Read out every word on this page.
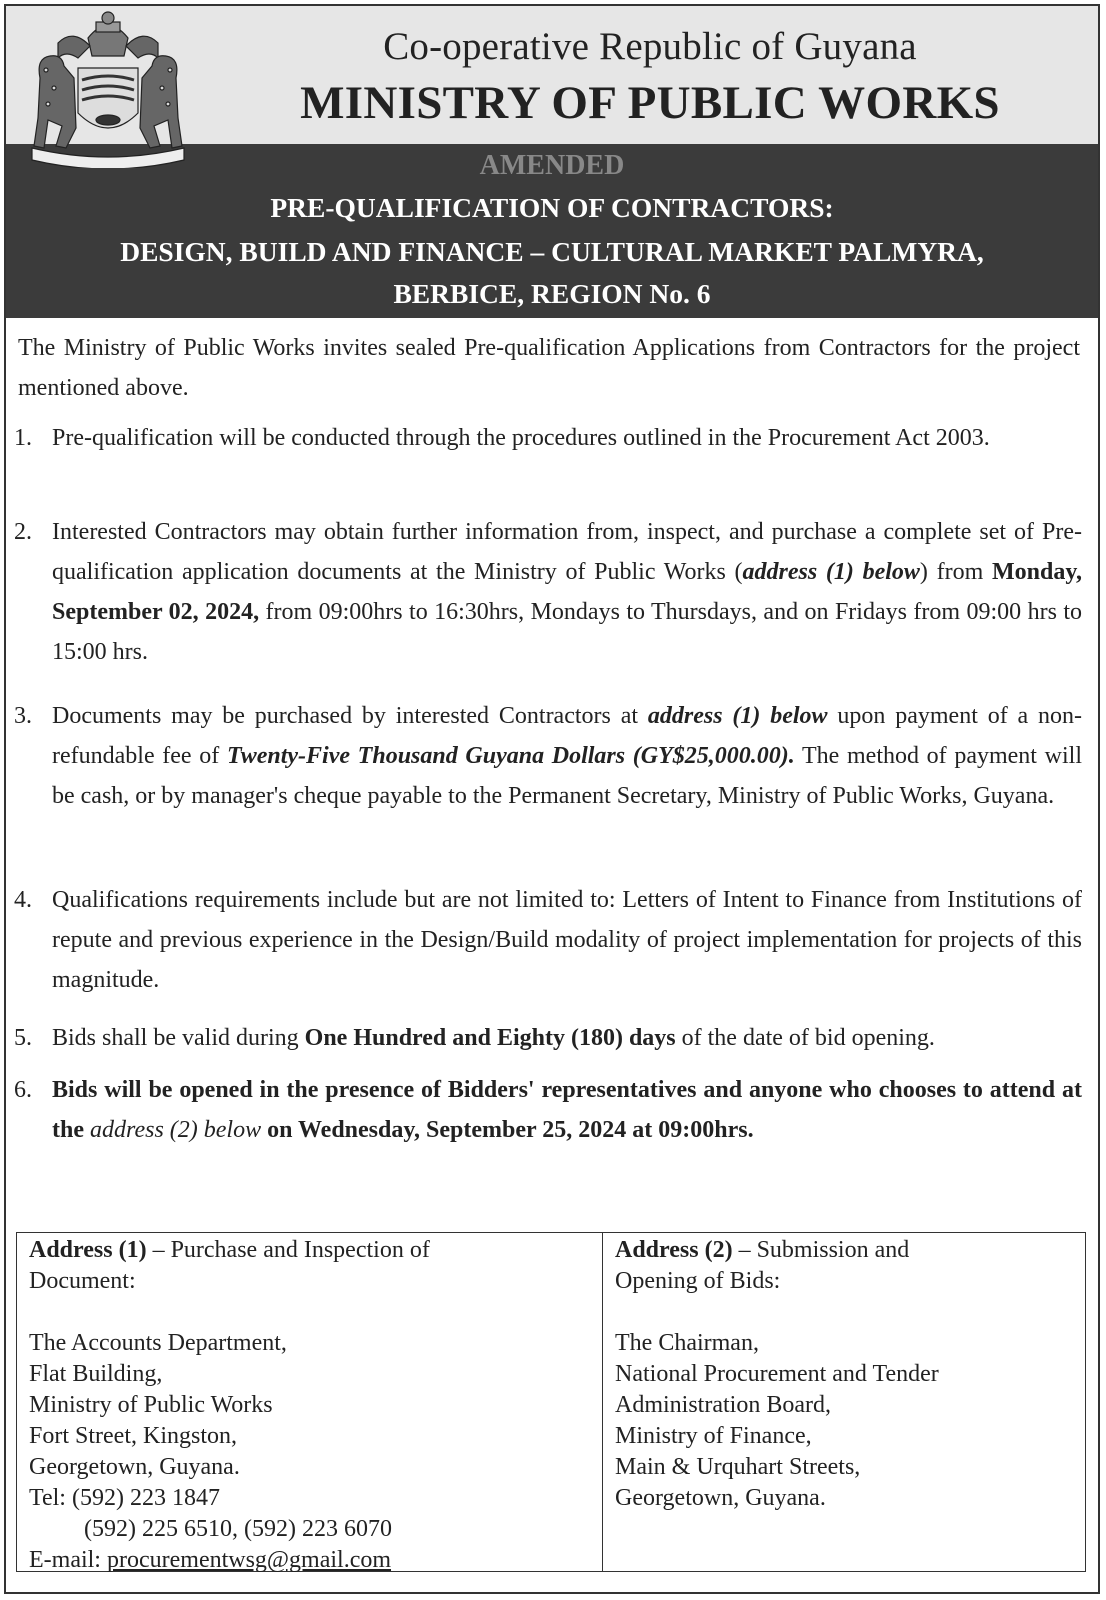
Co-operative Republic of Guyana
MINISTRY OF PUBLIC WORKS
AMENDED
PRE-QUALIFICATION OF CONTRACTORS:
DESIGN, BUILD AND FINANCE – CULTURAL MARKET PALMYRA,
BERBICE, REGION No. 6
The Ministry of Public Works invites sealed Pre-qualification Applications from Contractors for the project mentioned above.
1. Pre-qualification will be conducted through the procedures outlined in the Procurement Act 2003.
2. Interested Contractors may obtain further information from, inspect, and purchase a complete set of Pre-qualification application documents at the Ministry of Public Works (address (1) below) from Monday, September 02, 2024, from 09:00hrs to 16:30hrs, Mondays to Thursdays, and on Fridays from 09:00 hrs to 15:00 hrs.
3. Documents may be purchased by interested Contractors at address (1) below upon payment of a non-refundable fee of Twenty-Five Thousand Guyana Dollars (GY$25,000.00). The method of payment will be cash, or by manager's cheque payable to the Permanent Secretary, Ministry of Public Works, Guyana.
4. Qualifications requirements include but are not limited to: Letters of Intent to Finance from Institutions of repute and previous experience in the Design/Build modality of project implementation for projects of this magnitude.
5. Bids shall be valid during One Hundred and Eighty (180) days of the date of bid opening.
6. Bids will be opened in the presence of Bidders' representatives and anyone who chooses to attend at the address (2) below on Wednesday, September 25, 2024 at 09:00hrs.
Address (1) – Purchase and Inspection of
Document:
The Accounts Department,
Flat Building,
Ministry of Public Works
Fort Street, Kingston,
Georgetown, Guyana.
Tel: (592) 223 1847
(592) 225 6510, (592) 223 6070
E-mail: procurementwsg@gmail.com
Address (2) – Submission and
Opening of Bids:
The Chairman,
National Procurement and Tender
Administration Board,
Ministry of Finance,
Main & Urquhart Streets,
Georgetown, Guyana.
